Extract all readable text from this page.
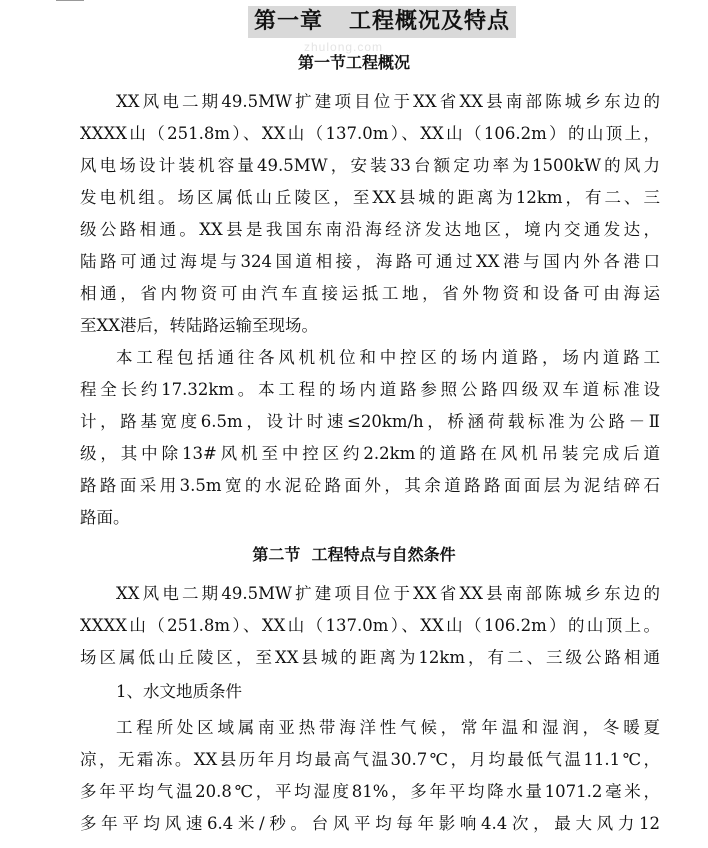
第一章   工程概况及特点
zhulong.com
第一节工程概况
XX风电二期49.5MW扩建项目位于XX省XX县南部陈城乡东边的
XXXX山（251.8m）、XX山（137.0m）、XX山（106.2m）的山顶上，
风电场设计装机容量49.5MW，安装33台额定功率为1500kW的风力
发电机组。场区属低山丘陵区，至XX县城的距离为12km，有二、三
级公路相通。XX县是我国东南沿海经济发达地区，境内交通发达，
陆路可通过海堤与324国道相接，海路可通过XX港与国内外各港口
相通，省内物资可由汽车直接运抵工地，省外物资和设备可由海运
至XX港后，转陆路运输至现场。
本工程包括通往各风机机位和中控区的场内道路，场内道路工
程全长约17.32km。本工程的场内道路参照公路四级双车道标准设
计，路基宽度6.5m，设计时速≤20km/h，桥涵荷载标准为公路－Ⅱ
级，其中除13#风机至中控区约2.2km的道路在风机吊装完成后道
路路面采用3.5m宽的水泥砼路面外，其余道路路面面层为泥结碎石
路面。
第二节  工程特点与自然条件
XX风电二期49.5MW扩建项目位于XX省XX县南部陈城乡东边的
XXXX山（251.8m）、XX山（137.0m）、XX山（106.2m）的山顶上。
场区属低山丘陵区，至XX县城的距离为12km，有二、三级公路相通
1、水文地质条件
工程所处区域属南亚热带海洋性气候，常年温和湿润，冬暖夏
凉，无霜冻。XX县历年月均最高气温30.7℃，月均最低气温11.1℃，
多年平均气温20.8℃，平均湿度81%，多年平均降水量1071.2毫米，
多年平均风速6.4米/秒。台风平均每年影响4.4次，最大风力12
